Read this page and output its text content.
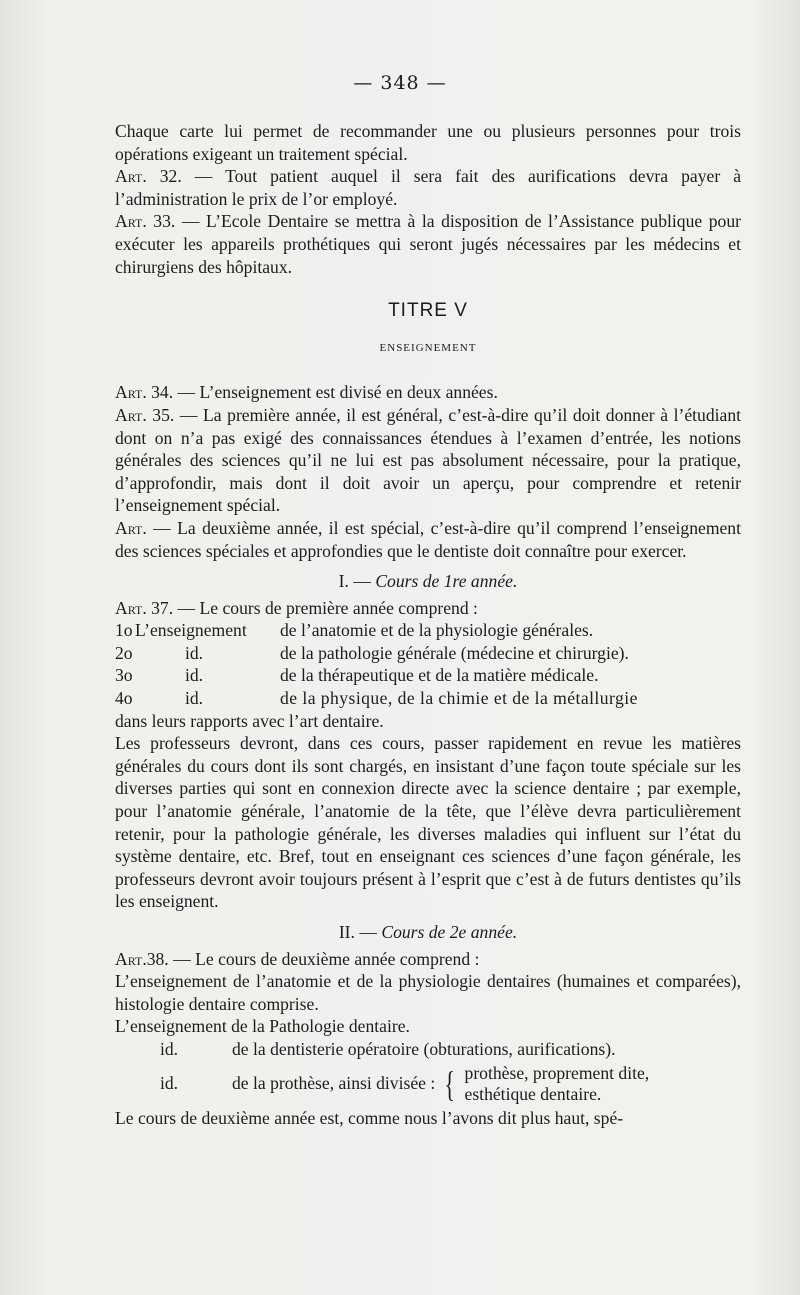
— 348 —

Chaque carte lui permet de recommander une ou plusieurs personnes pour trois opérations exigeant un traitement spécial.

Art. 32. — Tout patient auquel il sera fait des aurifications devra payer à l’administration le prix de l’or employé.

Art. 33. — L’Ecole Dentaire se mettra à la disposition de l’Assistance publique pour exécuter les appareils prothétiques qui seront jugés nécessaires par les médecins et chirurgiens des hôpitaux.

TITRE V
ENSEIGNEMENT

Art. 34. — L’enseignement est divisé en deux années.

Art. 35. — La première année, il est général, c’est-à-dire qu’il doit donner à l’étudiant dont on n’a pas exigé des connaissances étendues à l’examen d’entrée, les notions générales des sciences qu’il ne lui est pas absolument nécessaire, pour la pratique, d’approfondir, mais dont il doit avoir un aperçu, pour comprendre et retenir l’enseignement spécial.

Art. — La deuxième année, il est spécial, c’est-à-dire qu’il comprend l’enseignement des sciences spéciales et approfondies que le dentiste doit connaître pour exercer.

I. — Cours de 1re année.

Art. 37. — Le cours de première année comprend :

1o L’enseignement	de l’anatomie et de la physiologie générales.
2o	id.	de la pathologie générale (médecine et chirurgie).
3o	id.	de la thérapeutique et de la matière médicale.
4o	id.	de la physique, de la chimie et de la métallurgie

dans leurs rapports avec l’art dentaire.

Les professeurs devront, dans ces cours, passer rapidement en revue les matières générales du cours dont ils sont chargés, en insistant d’une façon toute spéciale sur les diverses parties qui sont en connexion directe avec la science dentaire ; par exemple, pour l’anatomie générale, l’anatomie de la tête, que l’élève devra particulièrement retenir, pour la pathologie générale, les diverses maladies qui influent sur l’état du système dentaire, etc. Bref, tout en enseignant ces sciences d’une façon générale, les professeurs devront avoir toujours présent à l’esprit que c’est à de futurs dentistes qu’ils les enseignent.

II. — Cours de 2e année.

Art.38. — Le cours de deuxième année comprend :

L’enseignement de l’anatomie et de la physiologie dentaires (humaines et comparées), histologie dentaire comprise.

L’enseignement de la Pathologie dentaire.

id.	de la dentisterie opératoire (obturations, aurifications).
id.	de la prothèse, ainsi divisée : { prothèse, proprement dite,
esthétique dentaire.

Le cours de deuxième année est, comme nous l’avons dit plus haut, spé-
